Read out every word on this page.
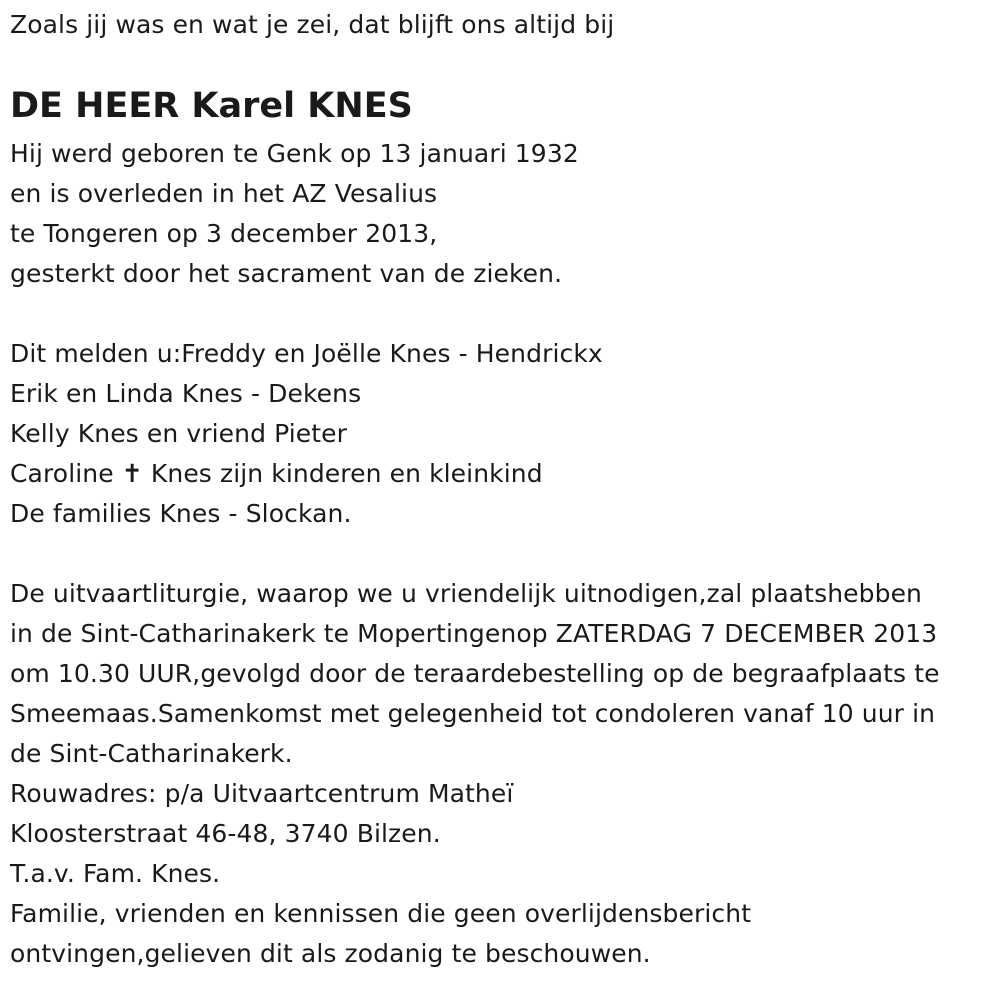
Zoals jij was en wat je zei, dat blijft ons altijd bij
DE HEER Karel KNES
Hij werd geboren te Genk op 13 januari 1932
en is overleden in het AZ Vesalius
te Tongeren op 3 december 2013,
gesterkt door het sacrament van de zieken.
Dit melden u:Freddy en Joëlle Knes - Hendrickx
Erik en Linda Knes - Dekens
Kelly Knes en vriend Pieter
Caroline ✝ Knes zijn kinderen en kleinkind
De families Knes - Slockan.
De uitvaartliturgie, waarop we u vriendelijk uitnodigen,zal plaatshebben
in de Sint-Catharinakerk te Mopertingenop ZATERDAG 7 DECEMBER 2013
om 10.30 UUR,gevolgd door de teraardebestelling op de begraafplaats te
Smeemaas.Samenkomst met gelegenheid tot condoleren vanaf 10 uur in
de Sint-Catharinakerk.
Rouwadres: p/a Uitvaartcentrum Matheï
Kloosterstraat 46-48, 3740 Bilzen.
T.a.v. Fam. Knes.
Familie, vrienden en kennissen die geen overlijdensbericht
ontvingen,gelieven dit als zodanig te beschouwen.
